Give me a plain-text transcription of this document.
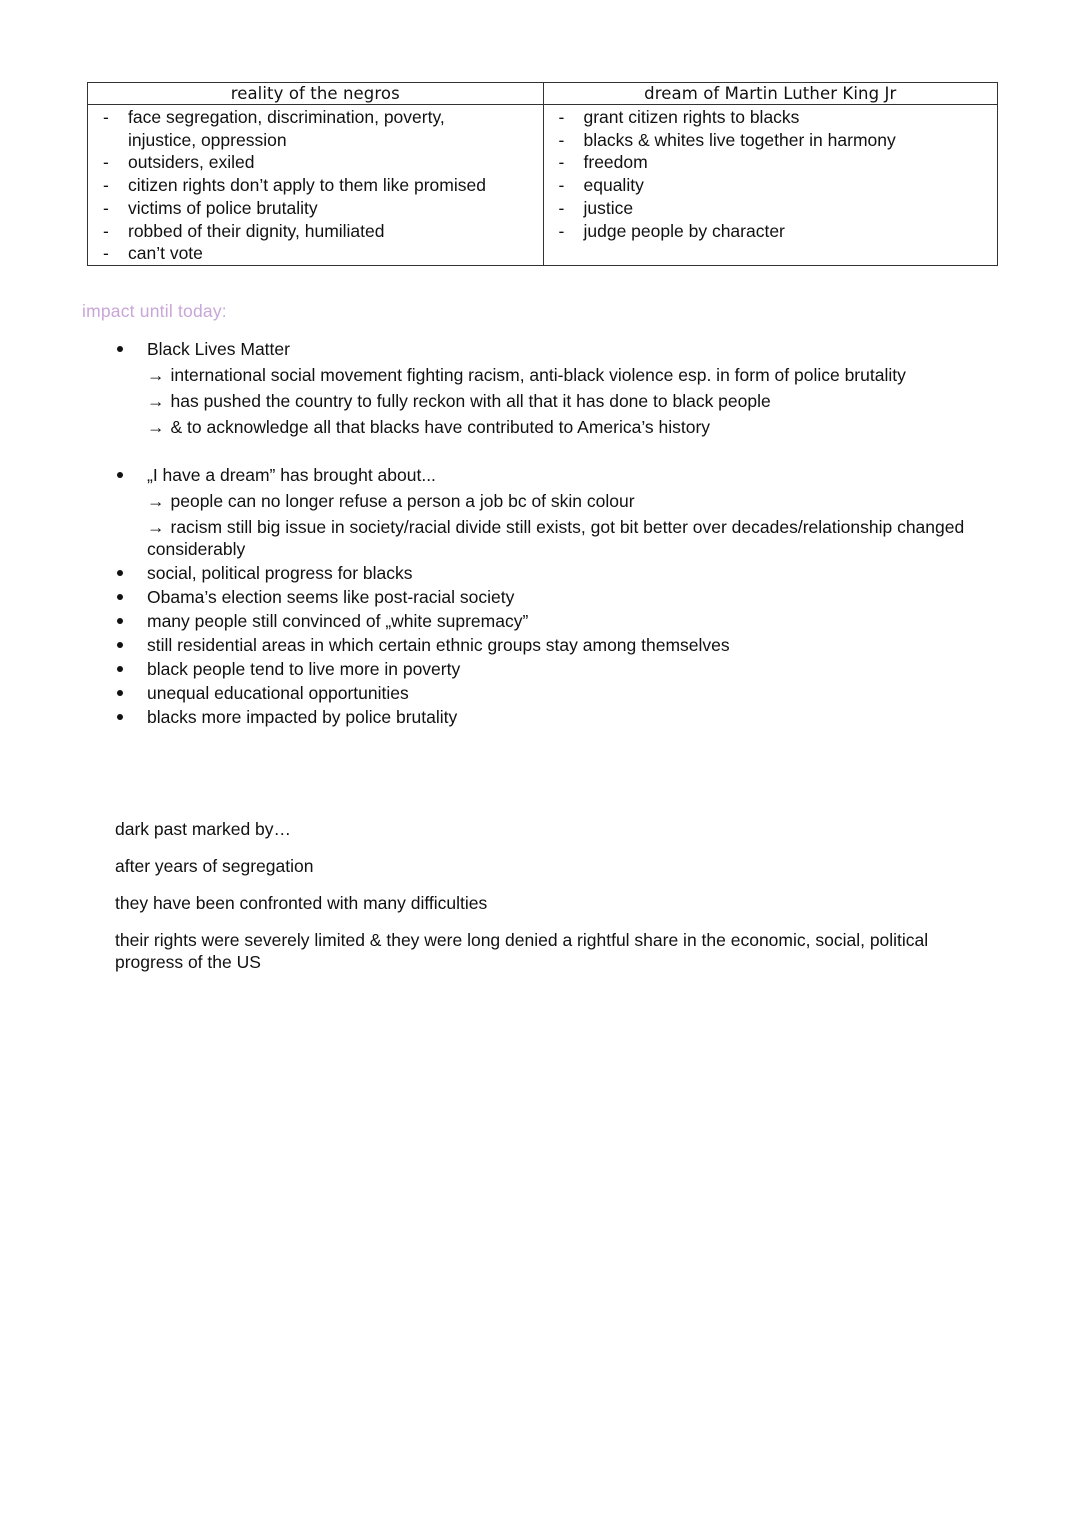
reality of the negros
- face segregation, discrimination, poverty, injustice, oppression
- outsiders, exiled
- citizen rights don’t apply to them like promised
- victims of police brutality
- robbed of their dignity, humiliated
- can’t vote
dream of Martin Luther King Jr
- grant citizen rights to blacks
- blacks & whites live together in harmony
- freedom
- equality
- justice
- judge people by character
impact until today:
Black Lives Matter
→ international social movement fighting racism, anti-black violence esp. in form of police brutality
→ has pushed the country to fully reckon with all that it has done to black people
→ & to acknowledge all that blacks have contributed to America’s history
„I have a dream” has brought about...
→ people can no longer refuse a person a job bc of skin colour
→ racism still big issue in society/racial divide still exists, got bit better over decades/relationship changed considerably
social, political progress for blacks
Obama’s election seems like post-racial society
many people still convinced of „white supremacy”
still residential areas in which certain ethnic groups stay among themselves
black people tend to live more in poverty
unequal educational opportunities
blacks more impacted by police brutality
dark past marked by…
after years of segregation
they have been confronted with many difficulties
their rights were severely limited & they were long denied a rightful share in the economic, social, political progress of the US
